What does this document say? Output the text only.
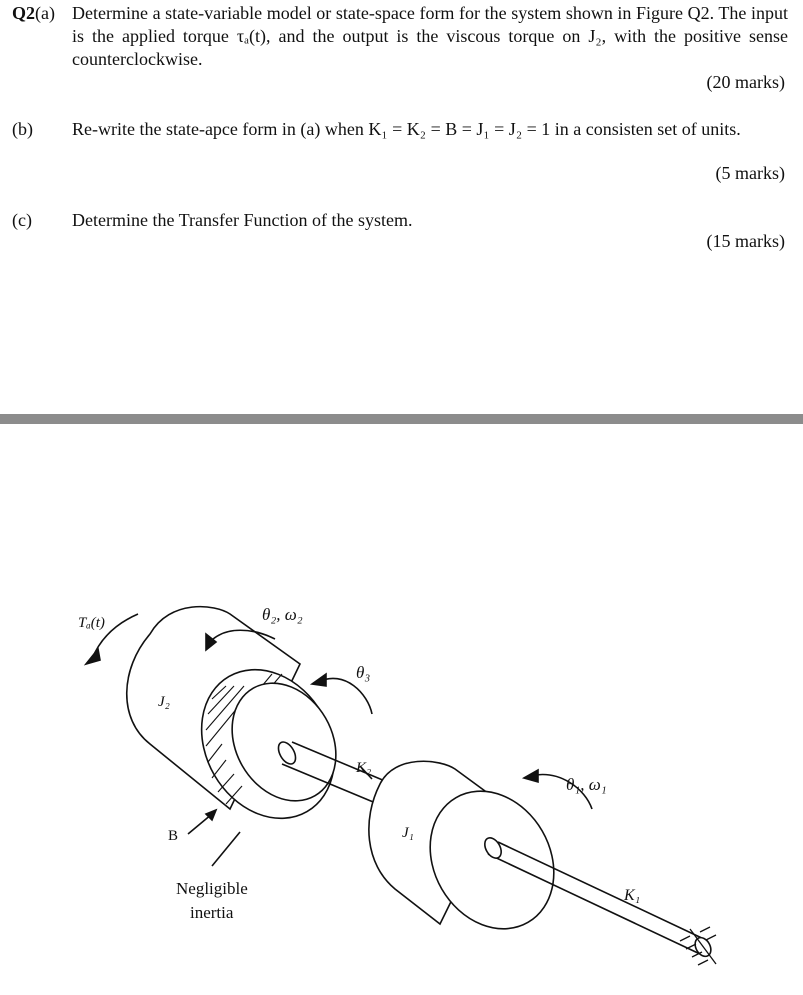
Q2(a) Determine a state-variable model or state-space form for the system shown in Figure Q2. The input is the applied torque τₐ(t), and the output is the viscous torque on J₂, with the positive sense counterclockwise.
(20 marks)
(b) Re-write the state-apce form in (a) when K₁ = K₂ = B = J₁ = J₂ = 1 in a consisten set of units.
(5 marks)
(c) Determine the Transfer Function of the system.
(15 marks)
Tₐ(t)	θ₂, ω₂
θ₃
J₂
K₂
J₁
θ₁, ω₁
B
K₁
Negligible
inertia
